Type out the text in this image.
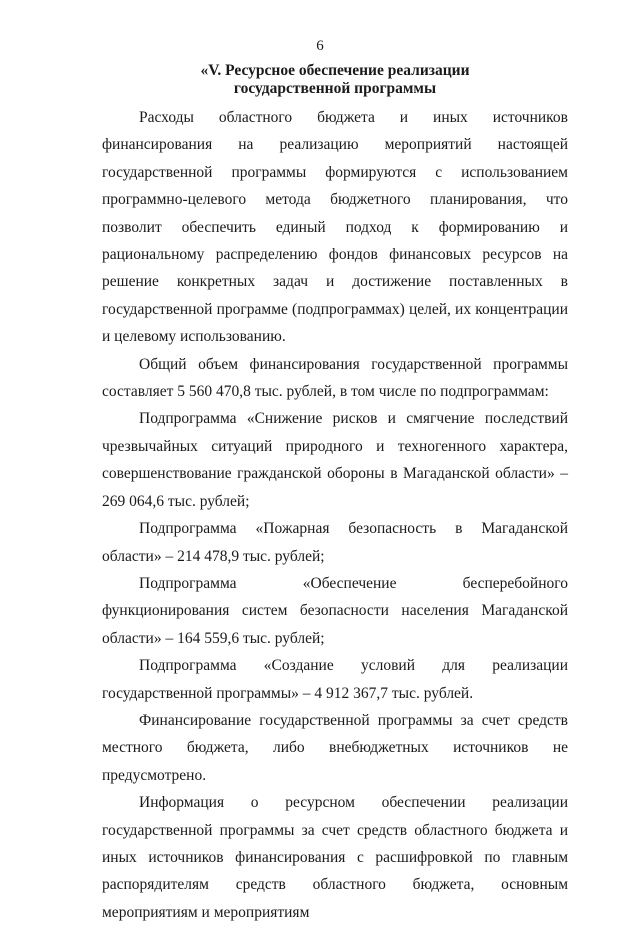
6
«V. Ресурсное обеспечение реализации
государственной программы

Расходы областного бюджета и иных источников финансирования на реализацию мероприятий настоящей государственной программы формируются с использованием программно-целевого метода бюджетного планирования, что позволит обеспечить единый подход к формированию и рациональному распределению фондов финансовых ресурсов на решение конкретных задач и достижение поставленных в государственной программе (подпрограммах) целей, их концентрации и целевому использованию.

Общий объем финансирования государственной программы составляет 5 560 470,8 тыс. рублей, в том числе по подпрограммам:

Подпрограмма «Снижение рисков и смягчение последствий чрезвычайных ситуаций природного и техногенного характера, совершенствование гражданской обороны в Магаданской области» – 269 064,6 тыс. рублей;

Подпрограмма «Пожарная безопасность в Магаданской области» – 214 478,9 тыс. рублей;

Подпрограмма «Обеспечение бесперебойного функционирования систем безопасности населения Магаданской области» – 164 559,6 тыс. рублей;

Подпрограмма «Создание условий для реализации государственной программы» – 4 912 367,7 тыс. рублей.

Финансирование государственной программы за счет средств местного бюджета, либо внебюджетных источников не предусмотрено.

Информация о ресурсном обеспечении реализации государственной программы за счет средств областного бюджета и иных источников финансирования с расшифровкой по главным распорядителям средств областного бюджета, основным мероприятиям и мероприятиям
